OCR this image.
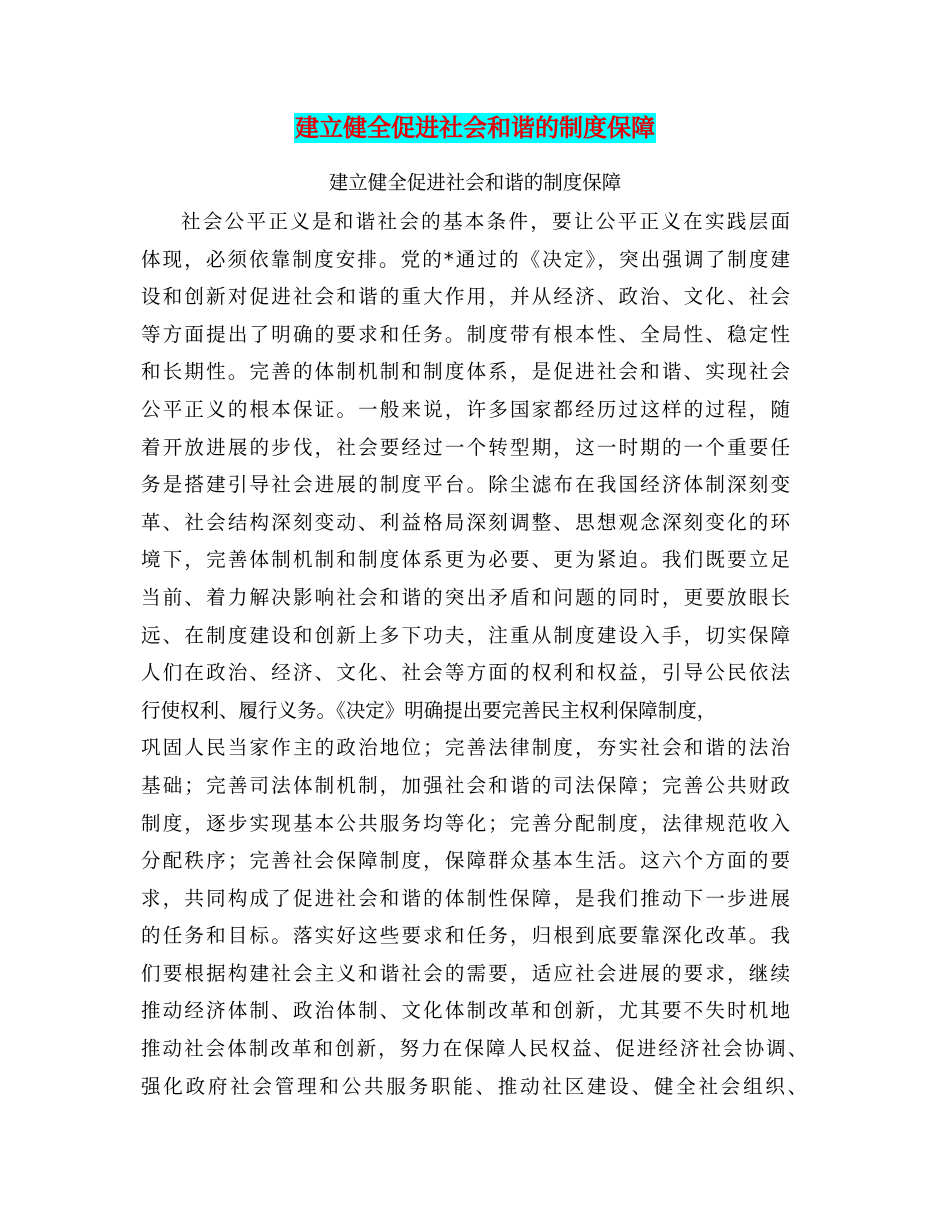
建立健全促进社会和谐的制度保障
建立健全促进社会和谐的制度保障
社会公平正义是和谐社会的基本条件，要让公平正义在实践层面
体现，必须依靠制度安排。党的*通过的《决定》，突出强调了制度建
设和创新对促进社会和谐的重大作用，并从经济、政治、文化、社会
等方面提出了明确的要求和任务。制度带有根本性、全局性、稳定性
和长期性。完善的体制机制和制度体系，是促进社会和谐、实现社会
公平正义的根本保证。一般来说，许多国家都经历过这样的过程，随
着开放进展的步伐，社会要经过一个转型期，这一时期的一个重要任
务是搭建引导社会进展的制度平台。除尘滤布在我国经济体制深刻变
革、社会结构深刻变动、利益格局深刻调整、思想观念深刻变化的环
境下，完善体制机制和制度体系更为必要、更为紧迫。我们既要立足
当前、着力解决影响社会和谐的突出矛盾和问题的同时，更要放眼长
远、在制度建设和创新上多下功夫，注重从制度建设入手，切实保障
人们在政治、经济、文化、社会等方面的权利和权益，引导公民依法
行使权利、履行义务。《决定》明确提出要完善民主权利保障制度，
巩固人民当家作主的政治地位；完善法律制度，夯实社会和谐的法治
基础；完善司法体制机制，加强社会和谐的司法保障；完善公共财政
制度，逐步实现基本公共服务均等化；完善分配制度，法律规范收入
分配秩序；完善社会保障制度，保障群众基本生活。这六个方面的要
求，共同构成了促进社会和谐的体制性保障，是我们推动下一步进展
的任务和目标。落实好这些要求和任务，归根到底要靠深化改革。我
们要根据构建社会主义和谐社会的需要，适应社会进展的要求，继续
推动经济体制、政治体制、文化体制改革和创新，尤其要不失时机地
推动社会体制改革和创新，努力在保障人民权益、促进经济社会协调、
强化政府社会管理和公共服务职能、推动社区建设、健全社会组织、
